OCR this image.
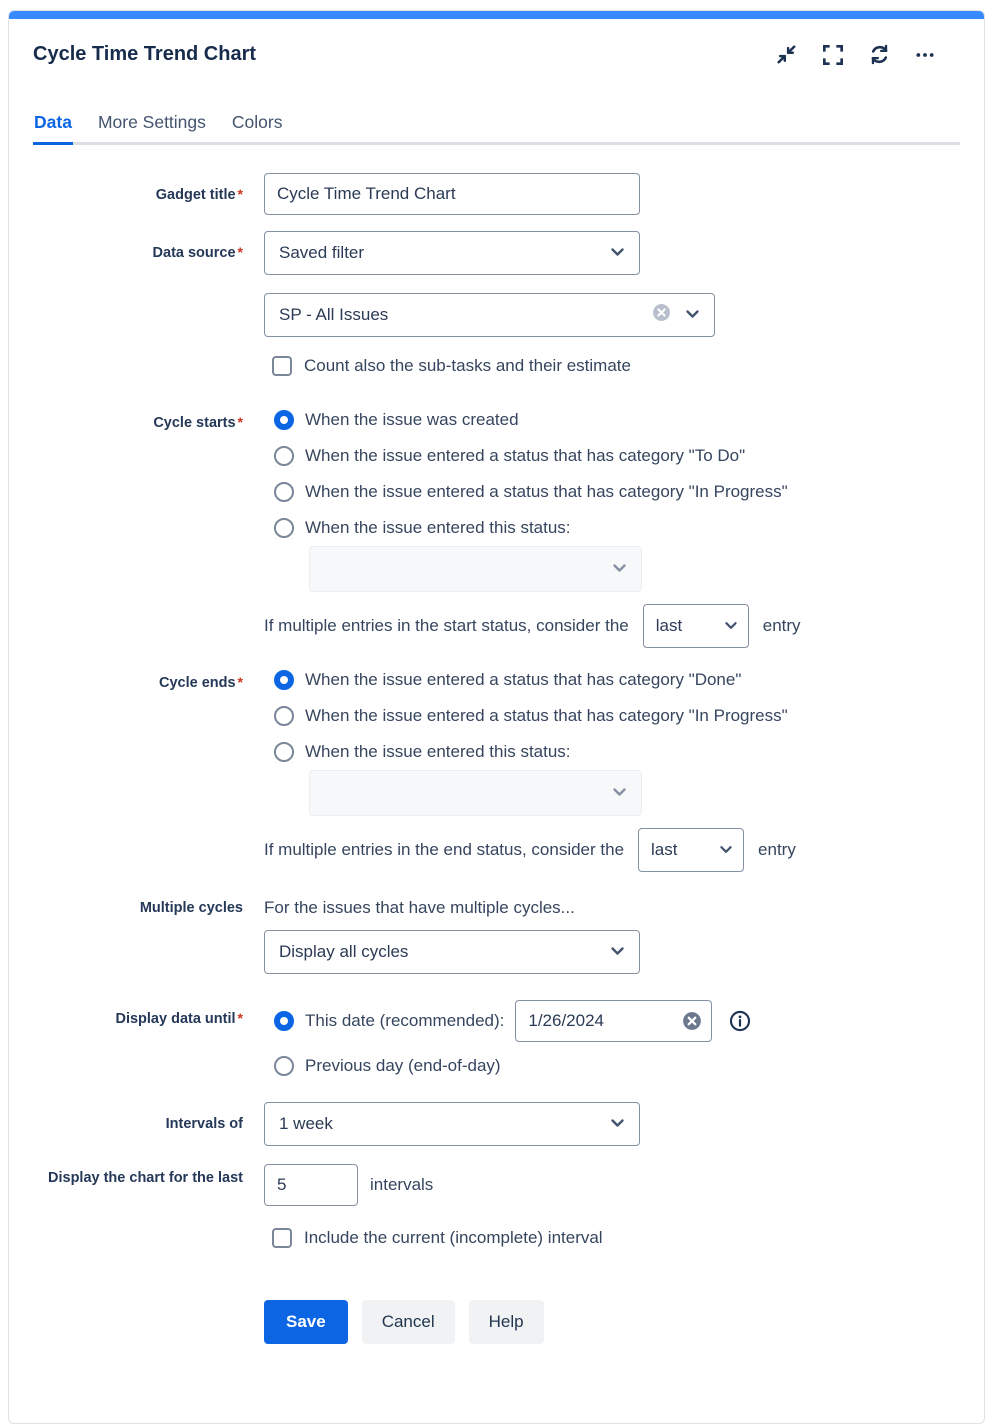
Cycle Time Trend Chart
Data More Settings Colors
Gadget title *
Cycle Time Trend Chart
Data source * Saved filter
SP - All Issues
Count also the sub-tasks and their estimate
Cycle starts *	When the issue was created
When the issue entered a status that has category "To Do"
When the issue entered a status that has category "In Progress"
When the issue entered this status:
If multiple entries in the start status, consider the last	entry
Cycle ends *	When the issue entered a status that has category "Done"
When the issue entered a status that has category "In Progress"
When the issue entered this status:
If multiple entries in the end status, consider the last	entry
Multiple cycles For the issues that have multiple cycles...
Display all cycles
Display data until *	This date (recommended):
1/26/2024
Previous day (end-of-day)
Intervals of 1 week
Display the chart for the last
5	intervals
Include the current (incomplete) interval
Save	Cancel	Help
